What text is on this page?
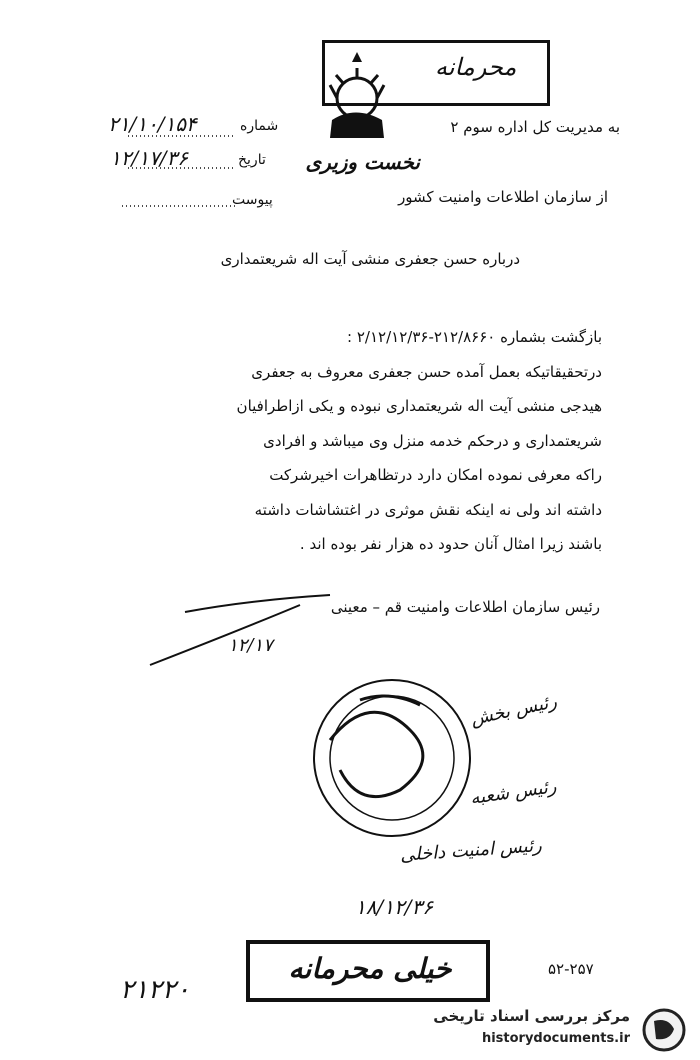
محرمانه
به مدیریت کل اداره سوم ۲
نخست وزیری
از سازمان اطلاعات وامنیت کشور
شماره
۲۱/۱۰/۱۵۴
تاریخ
۱۲/۱۷/۳۶
پیوست
درباره حسن جعفری منشی آیت اله شریعتمداری
بازگشت بشماره ۲۱۲/۸۶۶۰-۲/۱۲/۱۲/۳۶ :
درتحقیقاتیکه بعمل آمده حسن جعفری معروف به جعفری
هیدجی منشی آیت اله شریعتمداری نبوده و یکی ازاطرافیان
شریعتمداری و درحکم خدمه منزل وی میباشد و افرادی
راکه معرفی نموده امکان دارد درتظاهرات اخیرشرکت
داشته اند ولی نه اینکه نقش موثری در اغتشاشات داشته
باشند زیرا امثال آنان حدود ده هزار نفر بوده اند .
رئیس سازمان اطلاعات وامنیت قم – معینی
۱۲/۱۷
رئیس بخش
رئیس شعبه
رئیس امنیت داخلی
۱۸/۱۲/۳۶
خیلی محرمانه	۵۲-۲۵۷
۲۱۲۲۰
مرکز بررسی اسناد تاریخی
historydocuments.ir
